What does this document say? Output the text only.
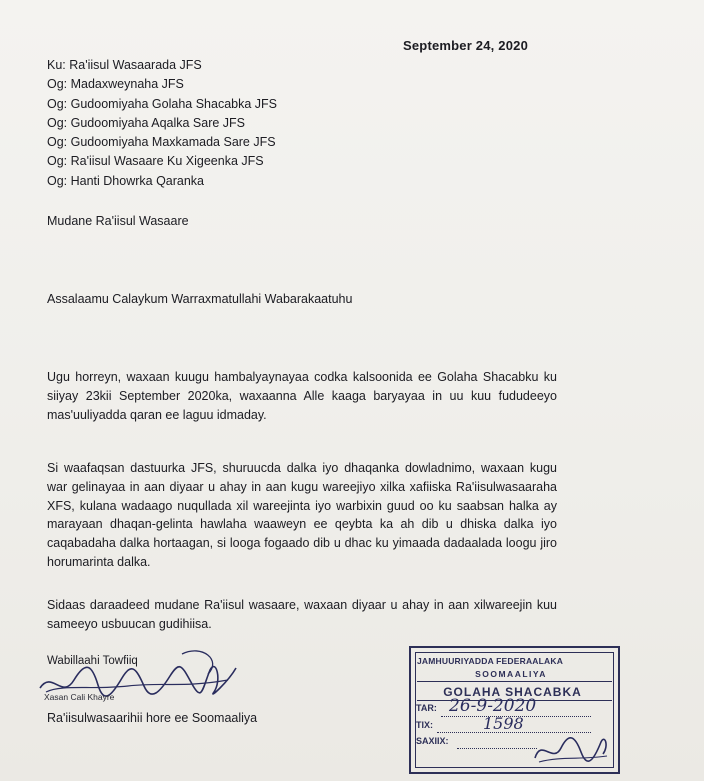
September 24, 2020
Ku: Ra'iisul Wasaarada JFS
Og: Madaxweynaha JFS
Og: Gudoomiyaha Golaha Shacabka JFS
Og: Gudoomiyaha Aqalka Sare JFS
Og: Gudoomiyaha Maxkamada Sare JFS
Og: Ra'iisul Wasaare Ku Xigeenka JFS
Og: Hanti Dhowrka Qaranka
Mudane Ra'iisul Wasaare
Assalaamu Calaykum Warraxmatullahi Wabarakaatuhu
Ugu horreyn, waxaan kuugu hambalyaynayaa codka kalsoonida ee Golaha Shacabku ku siiyay 23kii September 2020ka, waxaanna Alle kaaga baryayaa in uu kuu fududeeyo mas'uuliyadda qaran ee laguu idmaday.
Si waafaqsan dastuurka JFS, shuruucda dalka iyo dhaqanka dowladnimo, waxaan kugu war gelinayaa in aan diyaar u ahay in aan kugu wareejiyo xilka xafiiska Ra'iisulwasaaraha XFS, kulana wadaago nuqullada xil wareejinta iyo warbixin guud oo ku saabsan halka ay marayaan dhaqan-gelinta hawlaha waaweyn ee qeybta ka ah dib u dhiska dalka iyo caqabadaha dalka hortaagan, si looga fogaado dib u dhac ku yimaada dadaalada loogu jiro horumarinta dalka.
Sidaas daraadeed mudane Ra'iisul wasaare, waxaan diyaar u ahay in aan xilwareejin kuu sameeyo usbuucan gudihiisa.
Wabillaahi Towfiiq
Xasan Cali Khayre
Ra'iisulwasaarihii hore ee Soomaaliya
JAMHUURIYADDA FEDERAALAKA
SOOMAALIYA
GOLAHA SHACABKA
TAR: 26-9-2020
TIX:	1598
SAXIIX:
